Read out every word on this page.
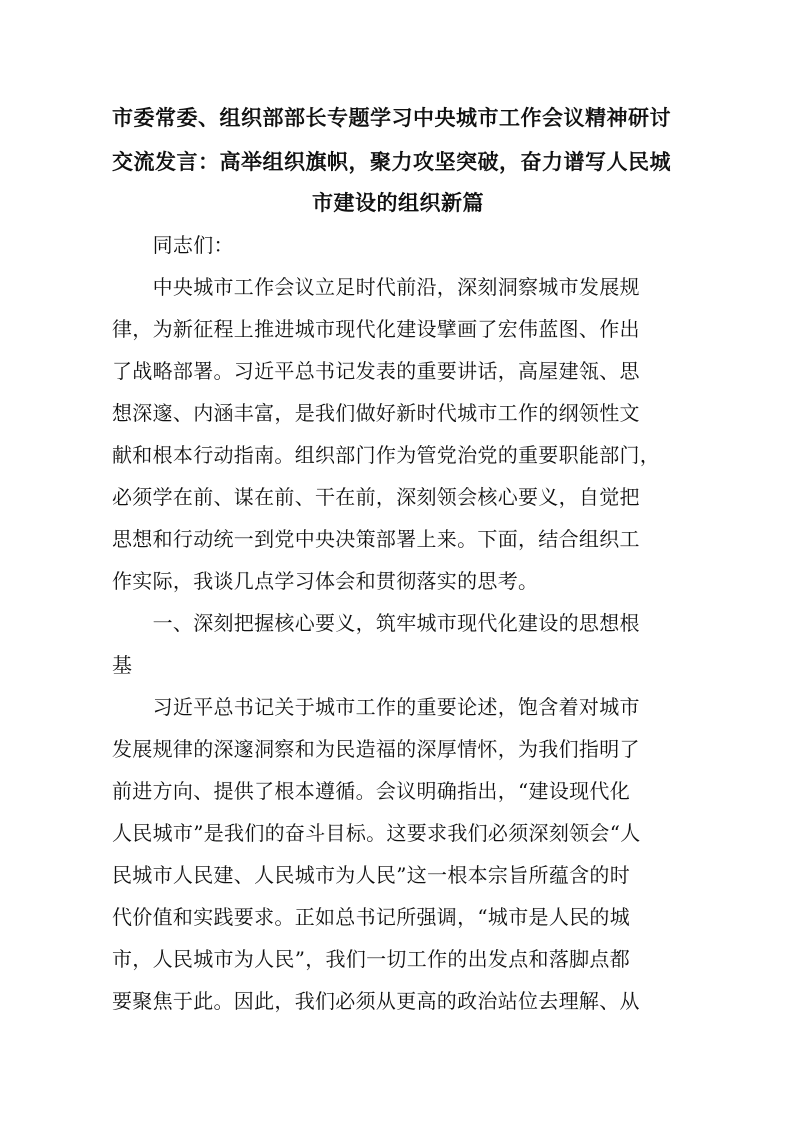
市委常委、组织部部长专题学习中央城市工作会议精神研讨
交流发言：高举组织旗帜，聚力攻坚突破，奋力谱写人民城
市建设的组织新篇
　　同志们：
　　中央城市工作会议立足时代前沿，深刻洞察城市发展规
律，为新征程上推进城市现代化建设擘画了宏伟蓝图、作出
了战略部署。习近平总书记发表的重要讲话，高屋建瓴、思
想深邃、内涵丰富，是我们做好新时代城市工作的纲领性文
献和根本行动指南。组织部门作为管党治党的重要职能部门，
必须学在前、谋在前、干在前，深刻领会核心要义，自觉把
思想和行动统一到党中央决策部署上来。下面，结合组织工
作实际，我谈几点学习体会和贯彻落实的思考。
　　一、深刻把握核心要义，筑牢城市现代化建设的思想根
基
　　习近平总书记关于城市工作的重要论述，饱含着对城市
发展规律的深邃洞察和为民造福的深厚情怀，为我们指明了
前进方向、提供了根本遵循。会议明确指出，“建设现代化
人民城市”是我们的奋斗目标。这要求我们必须深刻领会“人
民城市人民建、人民城市为人民”这一根本宗旨所蕴含的时
代价值和实践要求。正如总书记所强调，“城市是人民的城
市，人民城市为人民”，我们一切工作的出发点和落脚点都
要聚焦于此。因此，我们必须从更高的政治站位去理解、从
